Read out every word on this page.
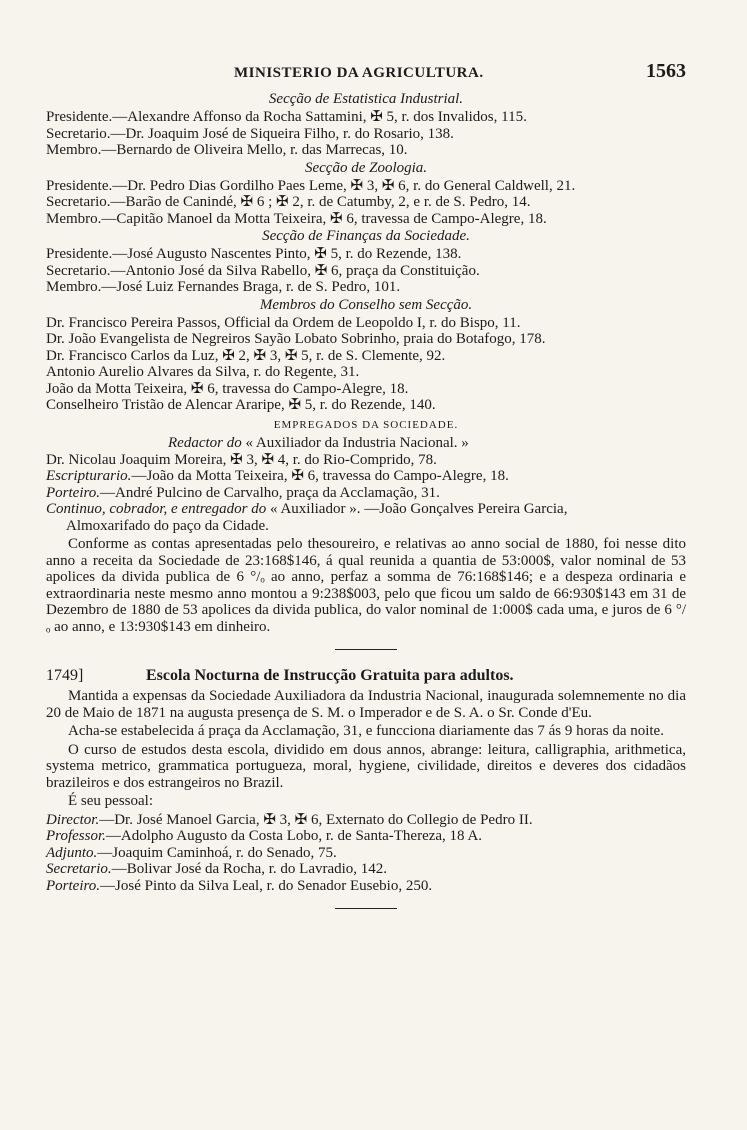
MINISTERIO DA AGRICULTURA.	1563
Secção de Estatistica Industrial.
Presidente.—Alexandre Affonso da Rocha Sattamini, ✠ 5, r. dos Invalidos, 115.
Secretario.—Dr. Joaquim José de Siqueira Filho, r. do Rosario, 138.
Membro.—Bernardo de Oliveira Mello, r. das Marrecas, 10.
Secção de Zoologia.
Presidente.—Dr. Pedro Dias Gordilho Paes Leme, ✠ 3, ✠ 6, r. do General Caldwell, 21.
Secretario.—Barão de Canindé, ✠ 6 ; ✠ 2, r. de Catumby, 2, e r. de S. Pedro, 14.
Membro.—Capitão Manoel da Motta Teixeira, ✠ 6, travessa de Campo-Alegre, 18.
Secção de Finanças da Sociedade.
Presidente.—José Augusto Nascentes Pinto, ✠ 5, r. do Rezende, 138.
Secretario.—Antonio José da Silva Rabello, ✠ 6, praça da Constituição.
Membro.—José Luiz Fernandes Braga, r. de S. Pedro, 101.
Membros do Conselho sem Secção.
Dr. Francisco Pereira Passos, Official da Ordem de Leopoldo I, r. do Bispo, 11.
Dr. João Evangelista de Negreiros Sayão Lobato Sobrinho, praia do Botafogo, 178.
Dr. Francisco Carlos da Luz, ✠ 2, ✠ 3, ✠ 5, r. de S. Clemente, 92.
Antonio Aurelio Alvares da Silva, r. do Regente, 31.
João da Motta Teixeira, ✠ 6, travessa do Campo-Alegre, 18.
Conselheiro Tristão de Alencar Araripe, ✠ 5, r. do Rezende, 140.
EMPREGADOS DA SOCIEDADE.
Redactor do « Auxiliador da Industria Nacional. »
Dr. Nicolau Joaquim Moreira, ✠ 3, ✠ 4, r. do Rio-Comprido, 78.
Escripturario.—João da Motta Teixeira, ✠ 6, travessa do Campo-Alegre, 18.
Porteiro.—André Pulcino de Carvalho, praça da Acclamação, 31.
Continuo, cobrador, e entregador do « Auxiliador ». —João Gonçalves Pereira Garcia,
Almoxarifado do paço da Cidade.

Conforme as contas apresentadas pelo thesoureiro, e relativas ao anno social de 1880, foi nesse dito anno a receita da Sociedade de 23:168$146, á qual reunida a quantia de 53:000$, valor nominal de 53 apolices da divida publica de 6 °/ₒ ao anno, perfaz a somma de 76:168$146; e a despeza ordinaria e extraordinaria neste mesmo anno montou a 9:238$003, pelo que ficou um saldo de 66:930$143 em 31 de Dezembro de 1880 de 53 apolices da divida publica, do valor nominal de 1:000$ cada uma, e juros de 6 °/ₒ ao anno, e 13:930$143 em dinheiro.

1749]	Escola Nocturna de Instrucção Gratuita para adultos.

Mantida a expensas da Sociedade Auxiliadora da Industria Nacional, inaugurada solemnemente no dia 20 de Maio de 1871 na augusta presença de S. M. o Imperador e de S. A. o Sr. Conde d'Eu.

Acha-se estabelecida á praça da Acclamação, 31, e funcciona diariamente das 7 ás 9 horas da noite.

O curso de estudos desta escola, dividido em dous annos, abrange: leitura, calligraphia, arithmetica, systema metrico, grammatica portugueza, moral, hygiene, civilidade, direitos e deveres dos cidadãos brazileiros e dos estrangeiros no Brazil.

É seu pessoal:

Director.—Dr. José Manoel Garcia, ✠ 3, ✠ 6, Externato do Collegio de Pedro II.
Professor.—Adolpho Augusto da Costa Lobo, r. de Santa-Thereza, 18 A.
Adjunto.—Joaquim Caminhoá, r. do Senado, 75.
Secretario.—Bolivar José da Rocha, r. do Lavradio, 142.
Porteiro.—José Pinto da Silva Leal, r. do Senador Eusebio, 250.
